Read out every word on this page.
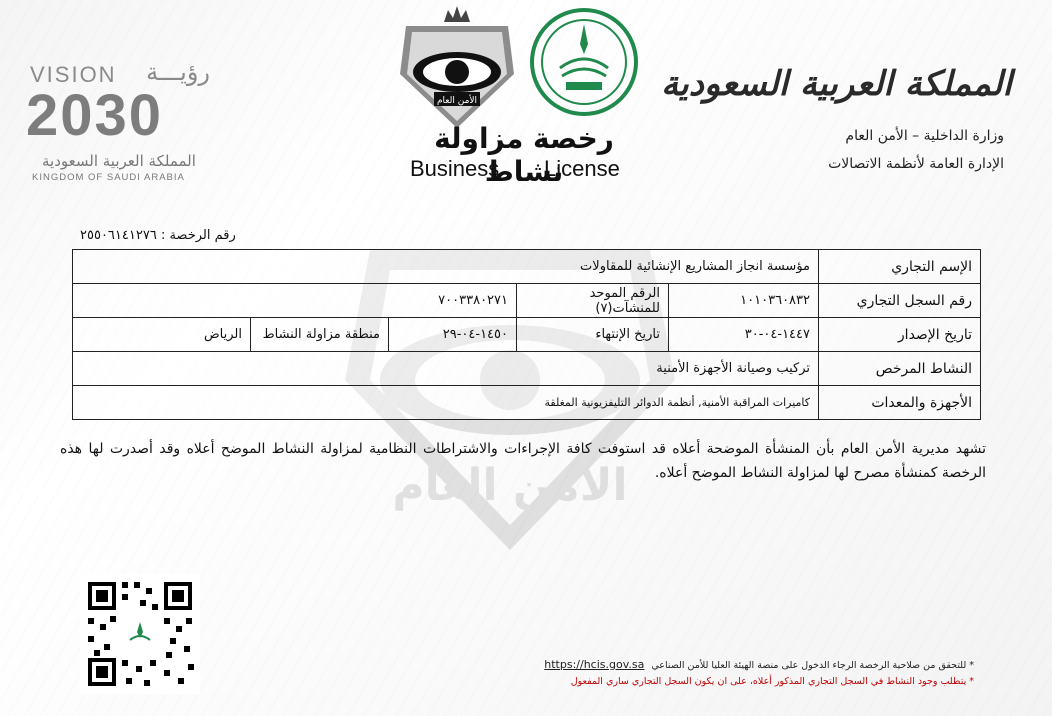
الأمن العام
VISION رؤيـــة
2030
المملكة العربية السعودية
KINGDOM OF SAUDI ARABIA
الأمن العام	المملكة العربية السعودية
وزارة الداخلية – الأمن العام
الإدارة العامة لأنظمة الاتصالات
رخصة مزاولة نشاط
Business License
رقم الرخصة : ٢٥٥٠٦١٤١٢٧٦
الإسم التجاري	مؤسسة انجاز المشاريع الإنشائية للمقاولات				
رقم السجل التجاري	١٠١٠٣٦٠٨٣٢	الرقم الموحد للمنشآت(٧)	٧٠٠٣٣٨٠٢٧١		
تاريخ الإصدار	١٤٤٧-٠٤-٣٠	تاريخ الإنتهاء	١٤٥٠-٠٤-٢٩	منطقة مزاولة النشاط	الرياض
النشاط المرخص	تركيب وصيانة الأجهزة الأمنية				
الأجهزة والمعدات	كاميرات المراقبة الأمنية, أنظمة الدوائر التليفزيونية المغلقة				
تشهد مديرية الأمن العام بأن المنشأة الموضحة أعلاه قد استوفت كافة الإجراءات والاشتراطات النظامية لمزاولة النشاط الموضح أعلاه وقد أصدرت لها هذه الرخصة كمنشأة مصرح لها لمزاولة النشاط الموضح أعلاه.
* للتحقق من صلاحية الرخصة الرجاء الدخول على منصة الهيئة العليا للأمن الصناعي https://hcis.gov.sa
* يتطلب وجود النشاط في السجل التجاري المذكور أعلاه، على ان يكون السجل التجاري ساري المفعول
